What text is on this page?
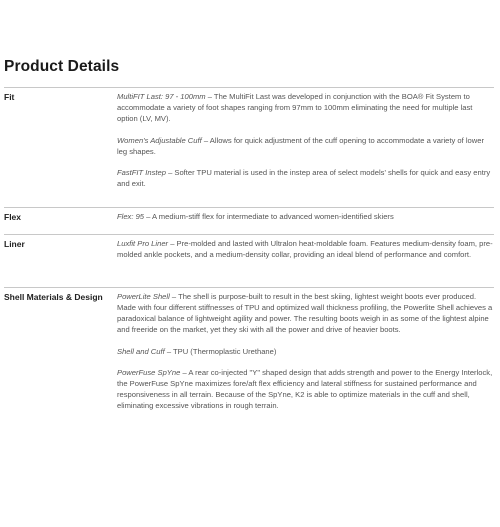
Product Details
Fit	MultiFIT Last: 97 - 100mm – The MultiFit Last was developed in conjunction with the BOA® Fit System to accommodate a variety of foot shapes ranging from 97mm to 100mm eliminating the need for multiple last option (LV, MV).

Women's Adjustable Cuff – Allows for quick adjustment of the cuff opening to accommodate a variety of lower leg shapes.

FastFIT Instep – Softer TPU material is used in the instep area of select models' shells for quick and easy entry and exit.

Flex	Flex: 95 – A medium-stiff flex for intermediate to advanced women-identified skiers

Liner	Luxfit Pro Liner – Pre-molded and lasted with Ultralon heat-moldable foam. Features medium-density foam, pre-molded ankle pockets, and a medium-density collar, providing an ideal blend of performance and comfort.

Shell Materials & Design	PowerLite Shell – The shell is purpose-built to result in the best skiing, lightest weight boots ever produced. Made with four different stiffnesses of TPU and optimized wall thickness profiling, the Powerlite Shell achieves a paradoxical balance of lightweight agility and power. The resulting boots weigh in as some of the lightest alpine and freeride on the market, yet they ski with all the power and drive of heavier boots.

Shell and Cuff – TPU (Thermoplastic Urethane)

PowerFuse SpYne – A rear co-injected "Y" shaped design that adds strength and power to the Energy Interlock, the PowerFuse SpYne maximizes fore/aft flex efficiency and lateral stiffness for sustained performance and responsiveness in all terrain. Because of the SpYne, K2 is able to optimize materials in the cuff and shell, eliminating excessive vibrations in rough terrain.
